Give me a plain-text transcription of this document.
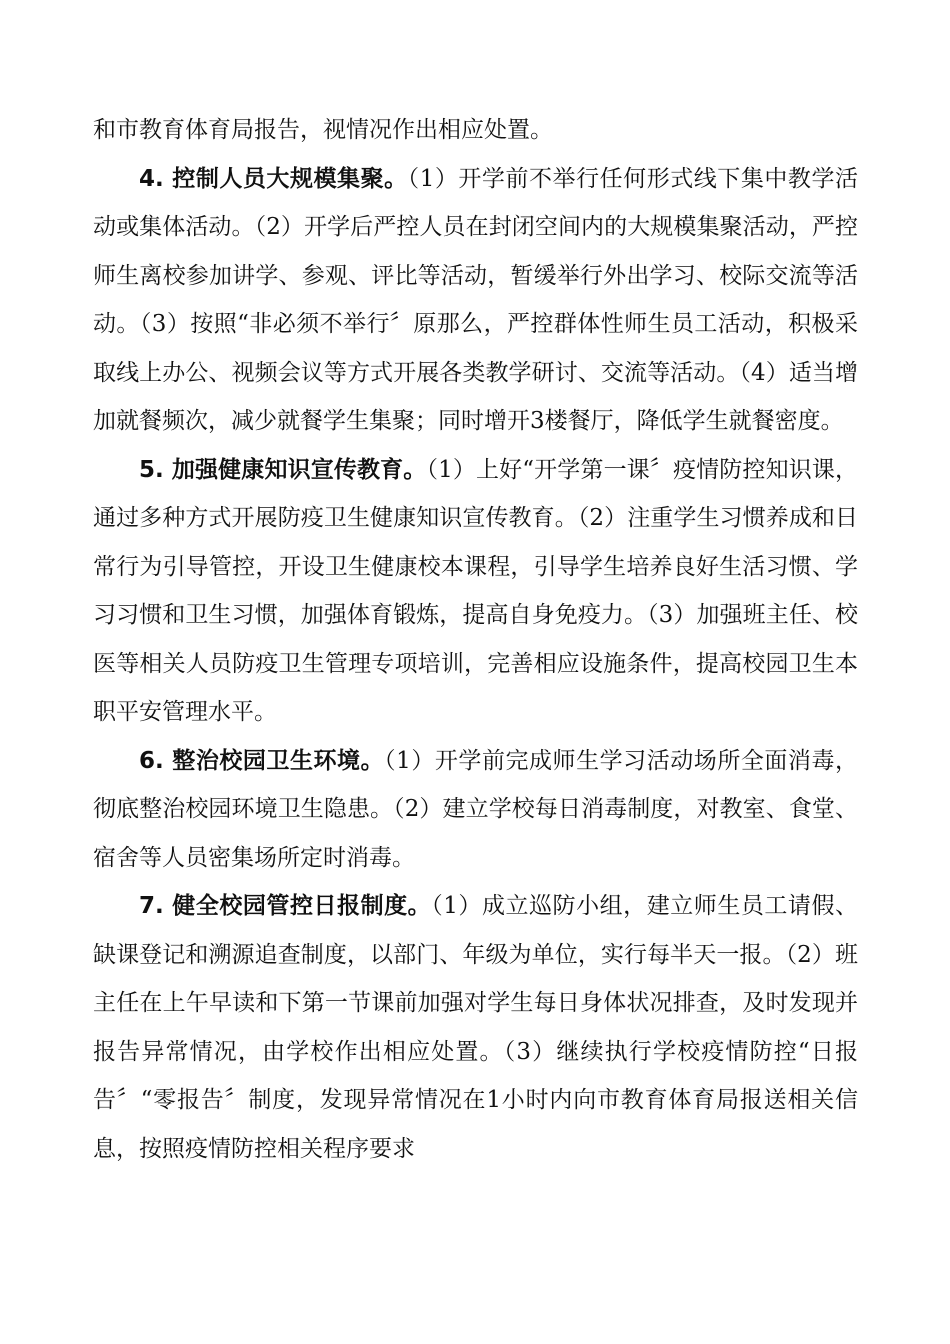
和市教育体育局报告，视情况作出相应处置。

4. 控制人员大规模集聚。（1）开学前不举行任何形式线下集中教学活动或集体活动。（2）开学后严控人员在封闭空间内的大规模集聚活动，严控师生离校参加讲学、参观、评比等活动，暂缓举行外出学习、校际交流等活动。（3）按照“非必须不举行〞原那么，严控群体性师生员工活动，积极采取线上办公、视频会议等方式开展各类教学研讨、交流等活动。（4）适当增加就餐频次，减少就餐学生集聚；同时增开3楼餐厅，降低学生就餐密度。

5. 加强健康知识宣传教育。（1）上好“开学第一课〞疫情防控知识课，通过多种方式开展防疫卫生健康知识宣传教育。（2）注重学生习惯养成和日常行为引导管控，开设卫生健康校本课程，引导学生培养良好生活习惯、学习习惯和卫生习惯，加强体育锻炼，提高自身免疫力。（3）加强班主任、校医等相关人员防疫卫生管理专项培训，完善相应设施条件，提高校园卫生本职平安管理水平。

6. 整治校园卫生环境。（1）开学前完成师生学习活动场所全面消毒，彻底整治校园环境卫生隐患。（2）建立学校每日消毒制度，对教室、食堂、宿舍等人员密集场所定时消毒。

7. 健全校园管控日报制度。（1）成立巡防小组，建立师生员工请假、缺课登记和溯源追查制度，以部门、年级为单位，实行每半天一报。（2）班主任在上午早读和下第一节课前加强对学生每日身体状况排查，及时发现并报告异常情况，由学校作出相应处置。（3）继续执行学校疫情防控“日报告〞“零报告〞制度，发现异常情况在1小时内向市教育体育局报送相关信息，按照疫情防控相关程序要求
